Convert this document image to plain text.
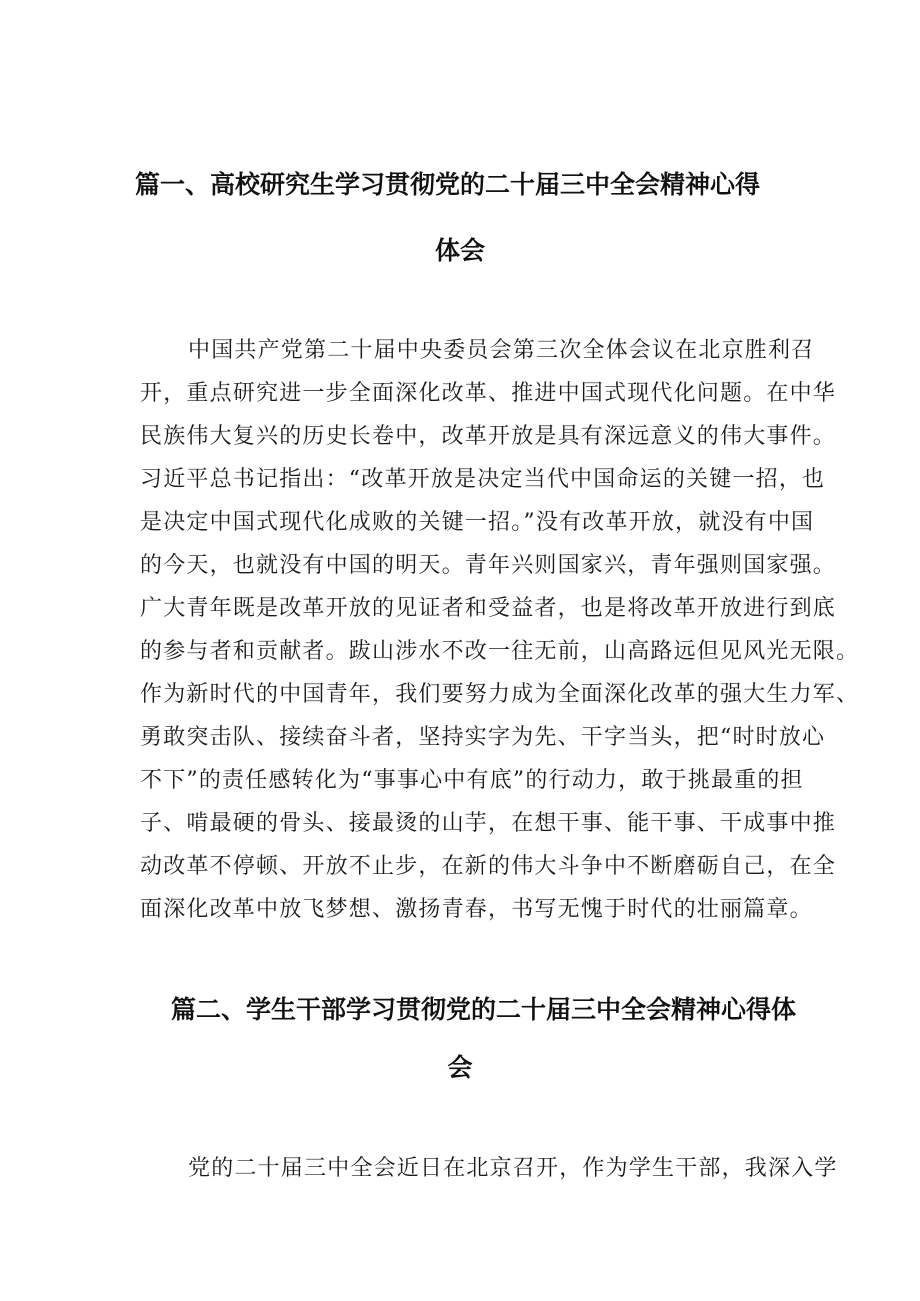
篇一、高校研究生学习贯彻党的二十届三中全会精神心得
体会
中国共产党第二十届中央委员会第三次全体会议在北京胜利召
开，重点研究进一步全面深化改革、推进中国式现代化问题。在中华
民族伟大复兴的历史长卷中，改革开放是具有深远意义的伟大事件。
习近平总书记指出：“改革开放是决定当代中国命运的关键一招，也
是决定中国式现代化成败的关键一招。”没有改革开放，就没有中国
的今天，也就没有中国的明天。青年兴则国家兴，青年强则国家强。
广大青年既是改革开放的见证者和受益者，也是将改革开放进行到底
的参与者和贡献者。跋山涉水不改一往无前，山高路远但见风光无限。
作为新时代的中国青年，我们要努力成为全面深化改革的强大生力军、
勇敢突击队、接续奋斗者，坚持实字为先、干字当头，把“时时放心
不下”的责任感转化为“事事心中有底”的行动力，敢于挑最重的担
子、啃最硬的骨头、接最烫的山芋，在想干事、能干事、干成事中推
动改革不停顿、开放不止步，在新的伟大斗争中不断磨砺自己，在全
面深化改革中放飞梦想、激扬青春，书写无愧于时代的壮丽篇章。
篇二、学生干部学习贯彻党的二十届三中全会精神心得体
会
党的二十届三中全会近日在北京召开，作为学生干部，我深入学
